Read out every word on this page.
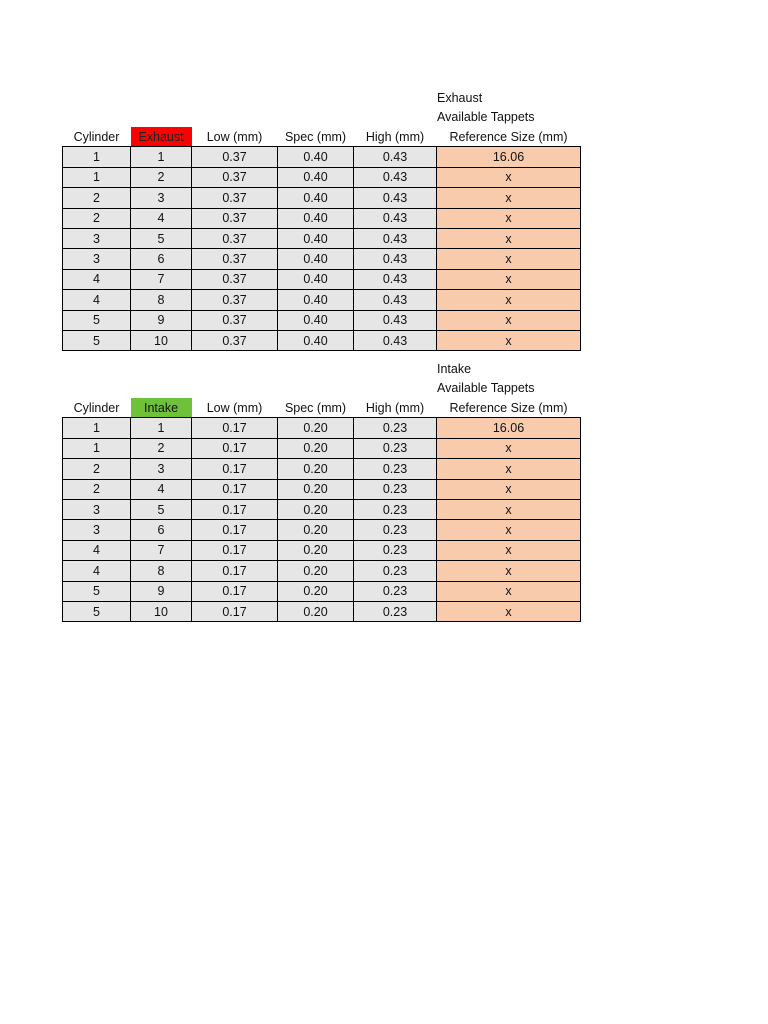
Exhaust
Available Tappets
Cylinder	Exhaust	Low (mm)	Spec (mm)	High (mm)	Reference Size (mm)
1	1	0.37	0.40	0.43	16.06
1	2	0.37	0.40	0.43	x
2	3	0.37	0.40	0.43	x
2	4	0.37	0.40	0.43	x
3	5	0.37	0.40	0.43	x
3	6	0.37	0.40	0.43	x
4	7	0.37	0.40	0.43	x
4	8	0.37	0.40	0.43	x
5	9	0.37	0.40	0.43	x
5	10	0.37	0.40	0.43	x
Intake
Available Tappets
Cylinder	Intake	Low (mm)	Spec (mm)	High (mm)	Reference Size (mm)
1	1	0.17	0.20	0.23	16.06
1	2	0.17	0.20	0.23	x
2	3	0.17	0.20	0.23	x
2	4	0.17	0.20	0.23	x
3	5	0.17	0.20	0.23	x
3	6	0.17	0.20	0.23	x
4	7	0.17	0.20	0.23	x
4	8	0.17	0.20	0.23	x
5	9	0.17	0.20	0.23	x
5	10	0.17	0.20	0.23	x
